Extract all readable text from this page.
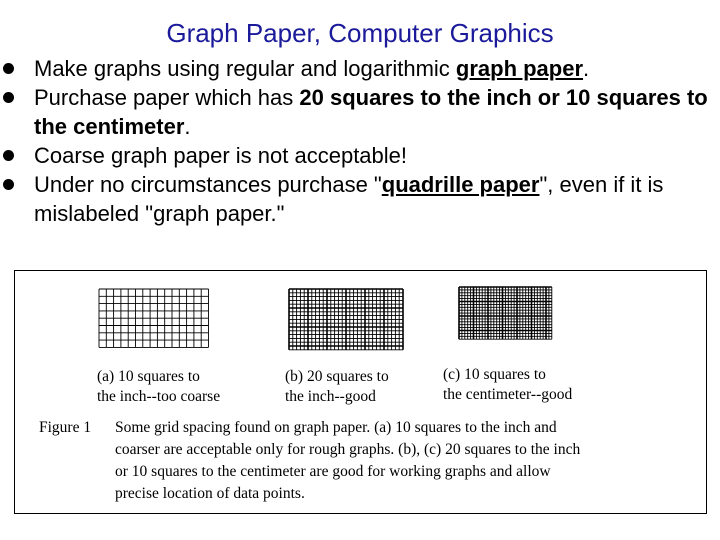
Graph Paper, Computer Graphics

Make graphs using regular and logarithmic graph paper.

Purchase paper which has 20 squares to the inch or 10 squares to the centimeter.

Coarse graph paper is not acceptable!

Under no circumstances purchase "quadrille paper", even if it is mislabeled "graph paper."

(a) 10 squares to
the inch--too coarse
(b) 20 squares to
the inch--good
(c) 10 squares to
the centimeter--good
Figure 1 Some grid spacing found on graph paper. (a) 10 squares to the inch and
coarser are acceptable only for rough graphs. (b), (c) 20 squares to the inch
or 10 squares to the centimeter are good for working graphs and allow
precise location of data points.
